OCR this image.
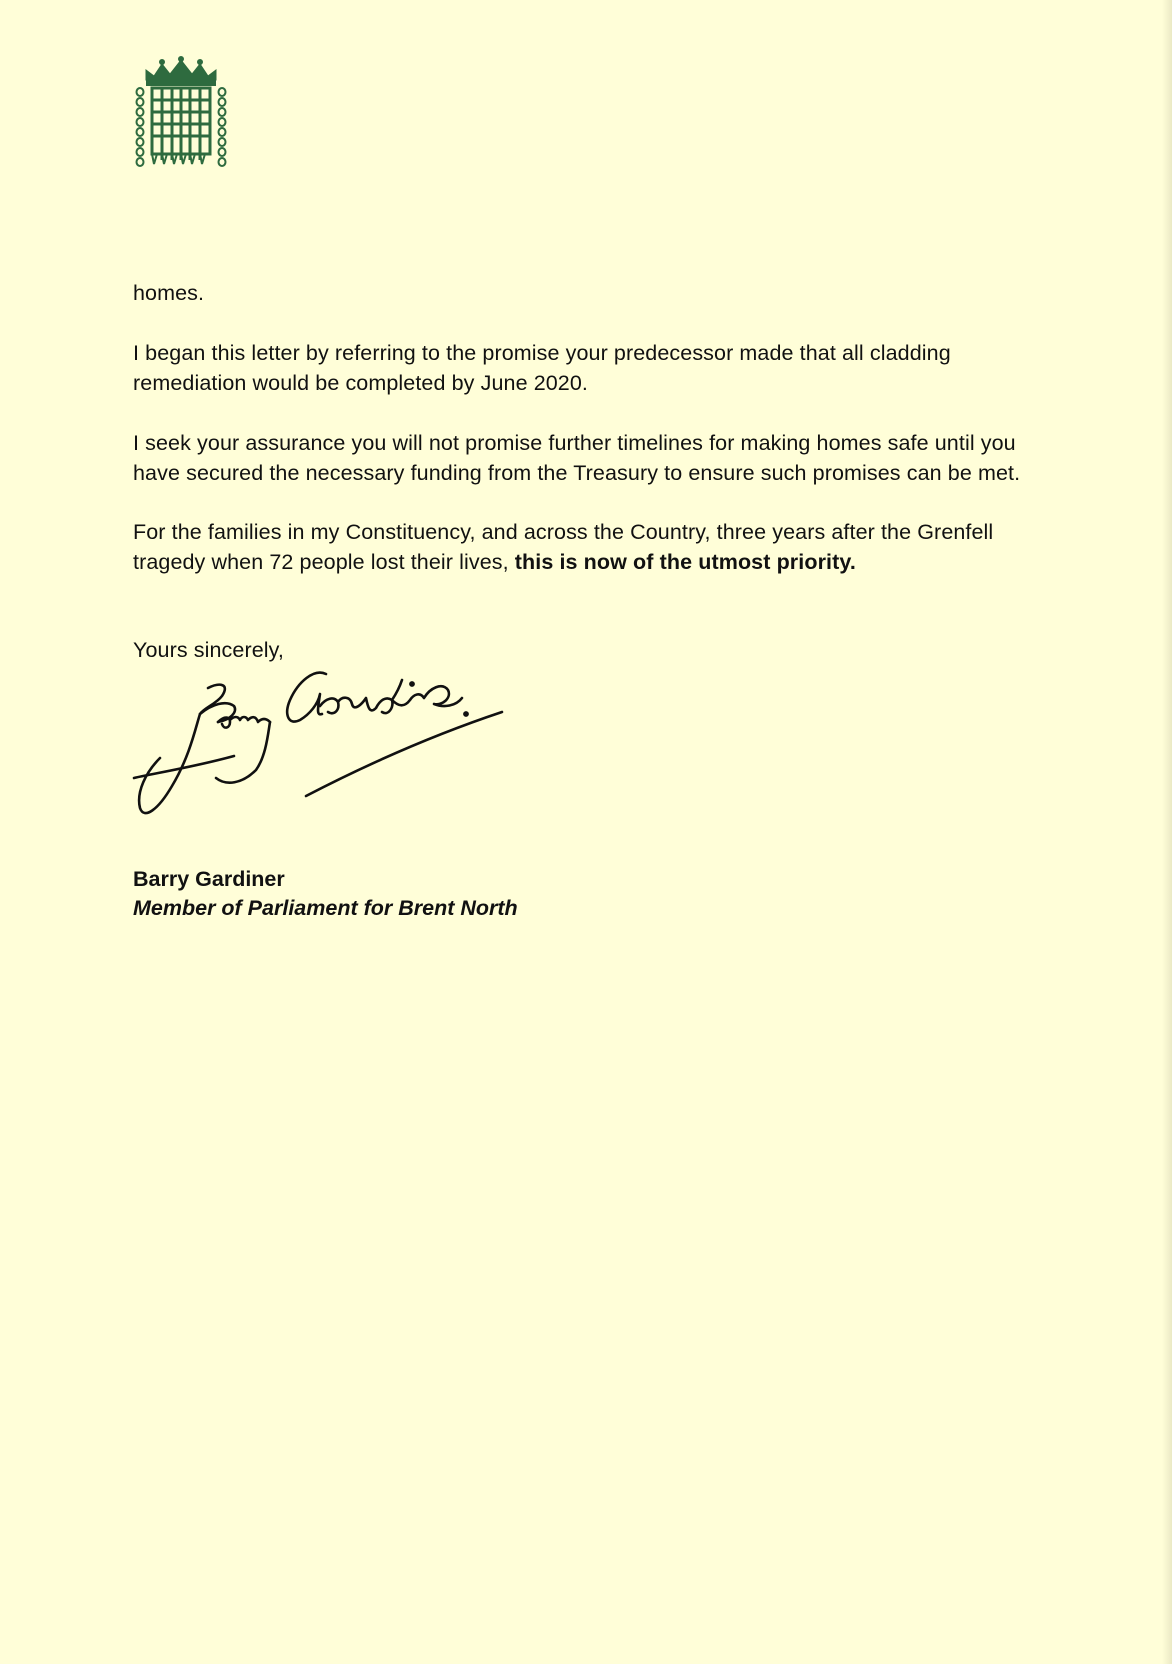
homes.

I began this letter by referring to the promise your predecessor made that all cladding remediation would be completed by June 2020.

I seek your assurance you will not promise further timelines for making homes safe until you have secured the necessary funding from the Treasury to ensure such promises can be met.

For the families in my Constituency, and across the Country, three years after the Grenfell tragedy when 72 people lost their lives, this is now of the utmost priority.

Yours sincerely,

Barry Gardiner

Member of Parliament for Brent North
